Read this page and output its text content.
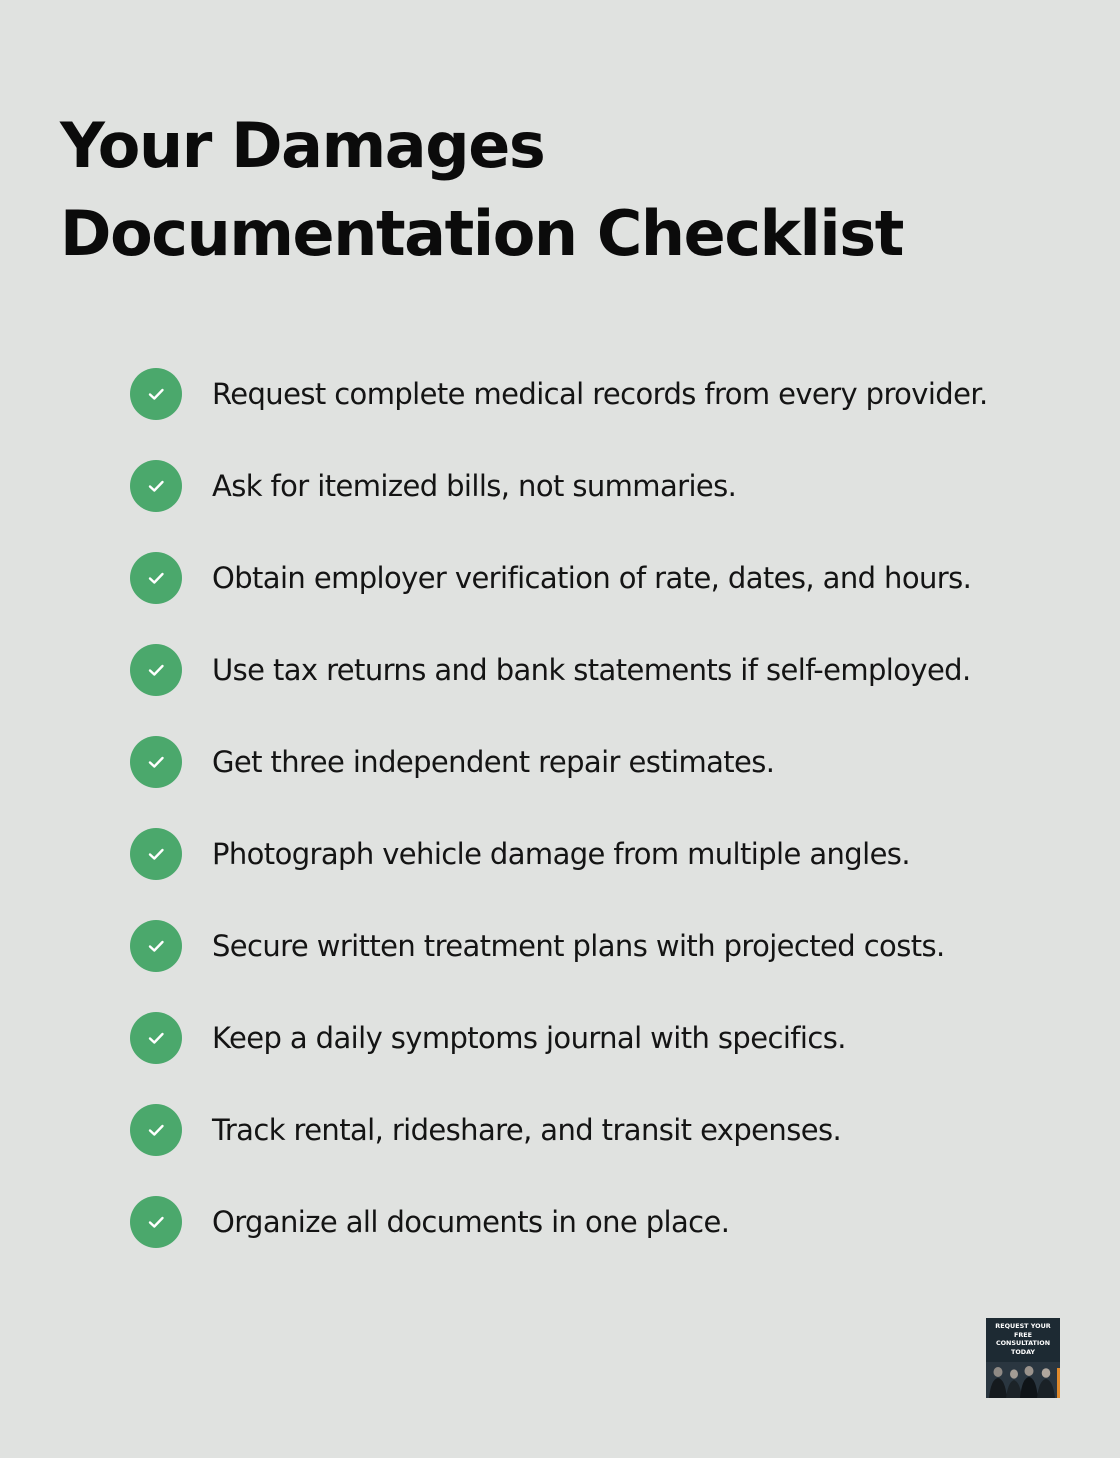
Your Damages Documentation Checklist
Request complete medical records from every provider.
Ask for itemized bills, not summaries.
Obtain employer verification of rate, dates, and hours.
Use tax returns and bank statements if self-employed.
Get three independent repair estimates.
Photograph vehicle damage from multiple angles.
Secure written treatment plans with projected costs.
Keep a daily symptoms journal with specifics.
Track rental, rideshare, and transit expenses.
Organize all documents in one place.
REQUEST YOUR FREE CONSULTATION TODAY
